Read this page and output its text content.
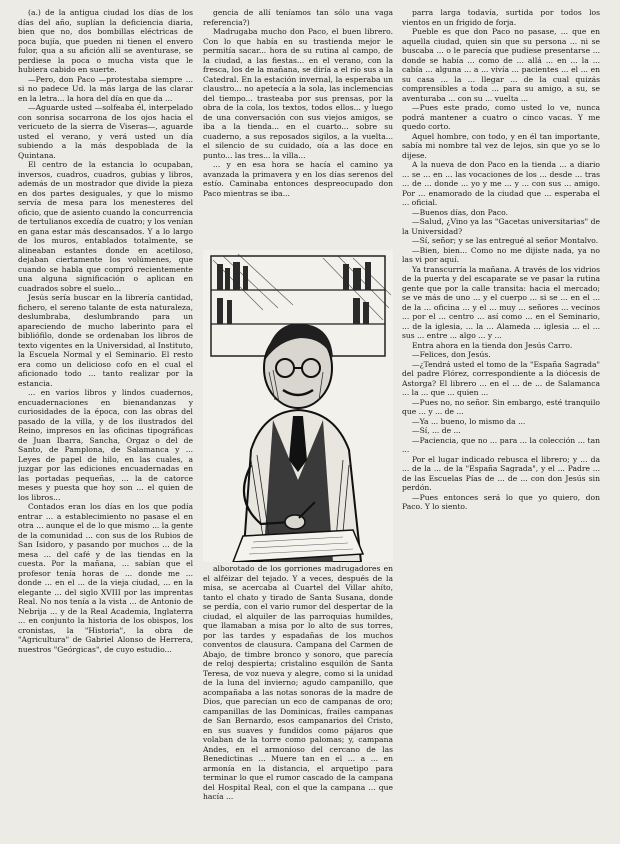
(a.) de la antigua ciudad los días de los días del año, suplían la deficiencia diaria, bien que no, dos bombillas eléctricas de poca bujía, que pueden ni tienen el envero fulor, qua a su afición allí se aventurase, se perdiese la poca o mucha vista que le hubiera cabido en suerte.

—Pero, don Paco —protestaba siempre ... si no padece Ud. la más larga de las clarar en la letra... la hora del día en que da ...

—Aguarde usted —solfeaba él, interpelado con sonrisa socarrona de los ojos hacia el vericueto de la sierra de Viseras—, aguarde usted el verano, y verá usted un día subiendo a la más despoblada de la Quintana.

El centro de la estancia lo ocupaban, inversos, cuadros, cuadros, gubias y libros, además de un mostrador que divide la pieza en dos partes desiguales, y que lo mismo servía de mesa para los menesteres del oficio, que de asiento cuando la concurrencia de tertulianos excedía de cuatro; y los venían en gana estar más descansados. Y a lo largo de los muros, entablados totalmente, se alineaban estantes donde en acetiloso, dejaban ciertamente los volúmenes, que cuando se habla que compró recientemente una alguna significación o aplican en cuadrados sobre el suelo...

Jesús sería buscar en la librería cantidad, fichero, el sereno talante de esta naturaleza, deslumbraba, deslumbrando para un apareciendo de mucho laberinto para el bibliófilo, donde se ordenaban los libros de texto vigentes en la Universidad, al Instituto, la Escuela Normal y el Seminario. El resto era como un delicioso cofo en el cual el aficionado todo ... tanto realizar por la estancia.

... en varios libros y lindos cuadernos, encuadernaciones en bienandanzas y curiosidades de la época, con las obras del pasado de la villa, y de los ilustrados del Reino, impresos en las oficinas tipográficas de Juan Ibarra, Sancha, Orgaz o del de Santo, de Pamplona, de Salamanca y ... Leyes de papel de hilo, en las cuales, a juzgar por las ediciones encuadernadas en las portadas pequeñas, ... la de catorce meses y puesta que hoy son ... el quien de los libros...

Contados eran los días en los que podía entrar ... a establecimiento no pasase el en otra ... aunque el de lo que mismo ... la gente de la comunidad ... con sus de los Rubios de San Isidoro, y pasando por muchos ... de la mesa ... del café y de las tiendas en la cuesta. Por la mañana, ... sabían que el profesor tenía horas de ... donde me ... donde ... en el ... de la vieja ciudad, ... en la elegante ... del siglo XVIII por las imprentas Real. No nos tenía a la vista ... de Antonio de Nebrija ... y de la Real Academia, Inglaterra ... en conjunto la historia de los obispos, los cronistas, la "Historia", la obra de "Agricultura" de Gabriel Alonso de Herrera, nuestros "Geórgicas", de cuyo estudio...

gencia de allí teníamos tan sólo una vaga referencia?)

Madrugaba mucho don Paco, el buen librero. Con lo que había en su trastienda mejor le permitía sacar... hora de su rutina al campo, de la ciudad, a las fiestas... en el verano, con la fresca, los de la mañana, se diría a el río sus a la Catedral. En la estación invernal, la esperaba un claustro... no apetecía a la sola, las inclemencias del tiempo... trasteaba por sus prensas, por la obra de la cola, los textos, todos ellos... y luego de una conversación con sus viejos amigos, se iba a la tienda... en el cuarto... sobre su cuaderno, a sus reposados sigilos, a la vuelta... el silencio de su cuidado, oía a las doce en punto... las tres... la villa...

... y en esa hora se hacía el camino ya avanzada la primavera y en los días serenos del estío. Caminaba entonces despreocupado don Paco mientras se iba...

alborotado de los gorriones madrugadores en el alféizar del tejado. Y a veces, después de la misa, se acercaba al Cuartel del Villar ahíto, tanto el chato y tirado de Santa Susana, donde se perdía, con el vario rumor del despertar de la ciudad, el alquiler de las parroquias humildes, que llamaban a misa por lo alto de sus torres, por las tardes y espadañas de los muchos conventos de clausura. Campana del Carmen de Abajo, de timbre bronco y sonoro, que parecía de reloj despierta; cristalino esquilón de Santa Teresa, de voz nueva y alegre, como si la unidad de la luna del invierno; agudo campanillo, que acompañaba a las notas sonoras de la madre de Dios, que parecían un eco de campanas de oro; campanillas de las Dominicas, frailes campanas de San Bernardo, esos campanarios del Cristo, en sus suaves y fundidos como pájaros que volaban de la torre como palomas; y, campana Andes, en el armonioso del cercano de las Benedictinas ... Muere tan en el ... a ... en armonía en la distancia, el arquetipo para terminar lo que el rumor cascado de la campana del Hospital Real, con el que la campana ... que hacía ...

parra larga todavía, surtida por todos los vientos en un frigido de forja.

Pueble es que don Paco no pasase, ... que en aquella ciudad, quien sin que su persona ... ni se buscaba ... o le parecía que pudiese presentarse ... donde se había ... como de ... allá ... en ... la ... cabía ... alguna ... a ... vivía ... pacientes ... el ... en su casa ... la ... llegar ... de la cual quizás comprensibles a toda ... para su amigo, a su, se aventuraba ... con su ... vuelta ...

—Pues este prado, como usted lo ve, nunca podrá mantener a cuatro o cinco vacas. Y me quedo corto.

Aquel hombre, con todo, y en él tan importante, sabía mi nombre tal vez de lejos, sin que yo se lo dijese.

A la nueva de don Paco en la tienda ... a diario ... se ... en ... las vocaciones de los ... desde ... tras ... de ... donde ... yo y me ... y ... con sus ... amigo. Por ... enamorado de la ciudad que ... esperaba el ... oficial.

—Buenos días, don Paco.

—Salud, ¿Vino ya las "Gacetas universitarias" de la Universidad?

—Sí, señor; y se las entregué al señor Montalvo.

—Bien, bien... Como no me dijiste nada, ya no las vi por aquí.

Ya transcurría la mañana. A través de los vidrios de la puerta y del escaparate se ve pasar la rutina gente que por la calle transita: hacia el mercado; se ve más de uno ... y el cuerpo ... si se ... en el ... de la ... oficina ... y el ... muy ... señores ... vecinos ... por el ... centro ... así como ... en el Seminario, ... de la iglesia, ... la ... Alameda ... iglesia ... el ... sus ... entre ... algo ... y ...

Entra ahora en la tienda don Jesús Carro.

—Felices, don Jesús.

—¿Tendrá usted el tomo de la "España Sagrada" del padre Flórez, correspondiente a la diócesis de Astorga? El librero ... en el ... de ... de Salamanca ... la ... que ... quien ...

—Pues no, no señor. Sin embargo, esté tranquilo que ... y ... de ...

—Ya ... bueno, lo mismo da ...

—Sí, ... de ...

—Paciencia, que no ... para ... la colección ... tan ...

Por el lugar indicado rebusca el librero; y ... da ... de la ... de la "España Sagrada", y el ... Padre ... de las Escuelas Pías de ... de ... con don Jesús sin perdón.

—Pues entonces será lo que yo quiero, don Paco. Y lo siento.
